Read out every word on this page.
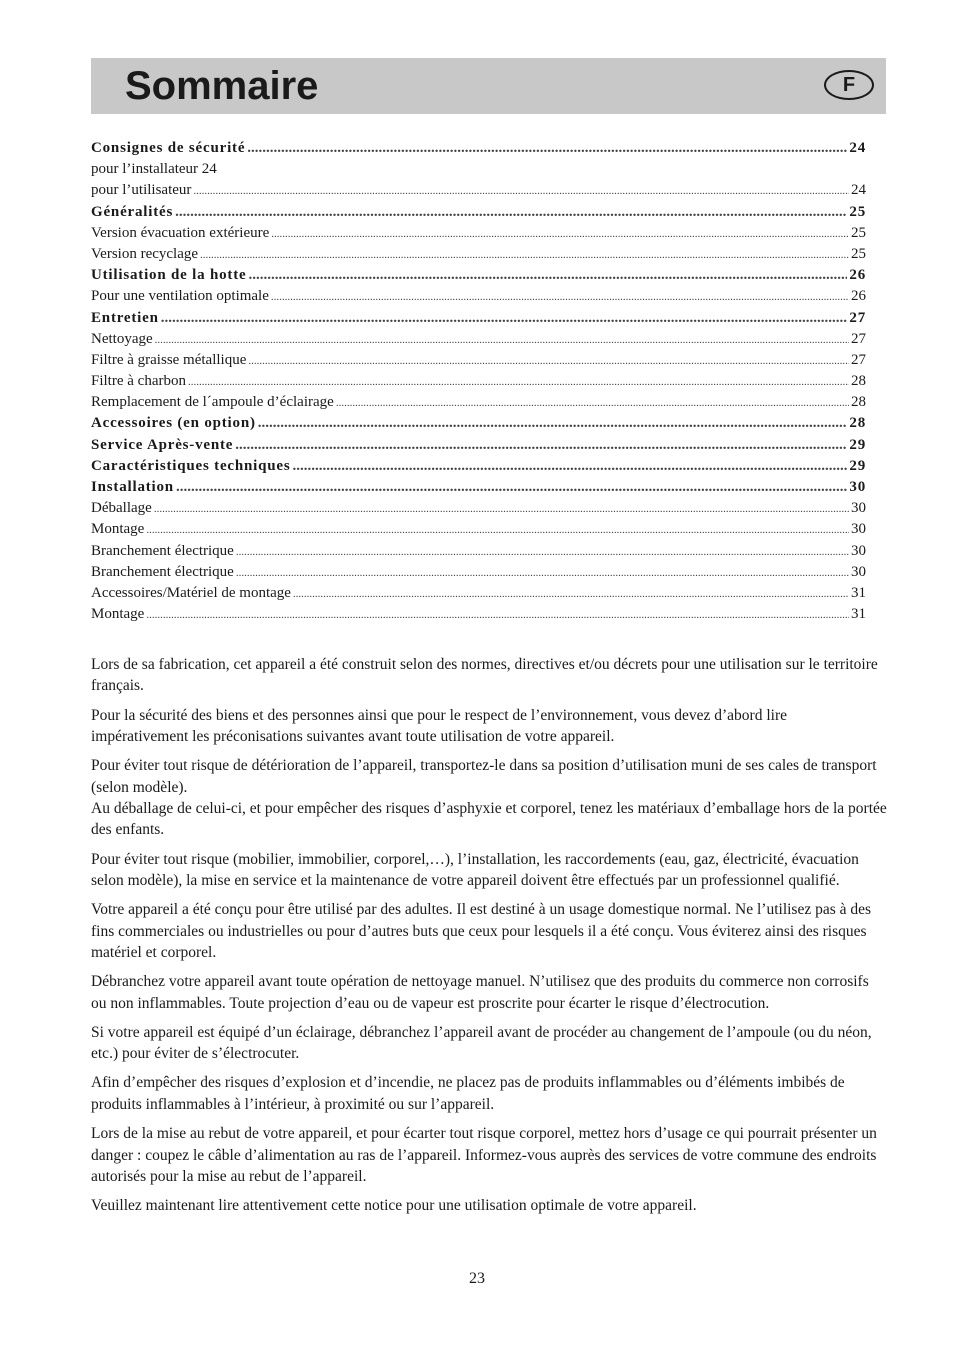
Sommaire	F
Consignes de sécurité .....	24
pour l’installateur 24
pour l’utilisateur .....	24
Généralités .....	25
Version évacuation extérieure .....	25
Version recyclage .....	25
Utilisation de la hotte .....	26
Pour une ventilation optimale .....	26
Entretien .....	27
Nettoyage .....	27
Filtre à graisse métallique .....	27
Filtre à charbon .....	28
Remplacement de l´ampoule d’éclairage .....	28
Accessoires (en option) .....	28
Service Après-vente .....	29
Caractéristiques techniques .....	29
Installation .....	30
Déballage .....	30
Montage .....	30
Branchement électrique .....	30
Branchement électrique .....	30
Accessoires/Matériel de montage .....	31
Montage .....	31

Lors de sa fabrication, cet appareil a été construit selon des normes, directives et/ou décrets pour une utilisation sur le territoire français.

Pour la sécurité des biens et des personnes ainsi que pour le respect de l’environnement, vous devez d’abord lire impérativement les préconisations suivantes avant toute utilisation de votre appareil.

Pour éviter tout risque de détérioration de l’appareil, transportez-le dans sa position d’utilisation muni de ses cales de transport (selon modèle).
Au déballage de celui-ci, et pour empêcher des risques d’asphyxie et corporel, tenez les matériaux d’emballage hors de la portée des enfants.

Pour éviter tout risque (mobilier, immobilier, corporel,…), l’installation, les raccordements (eau, gaz, électricité, évacuation selon modèle), la mise en service et la maintenance de votre appareil doivent être effectués par un professionnel qualifié.

Votre appareil a été conçu pour être utilisé par des adultes. Il est destiné à un usage domestique normal. Ne l’utilisez pas à des fins commerciales ou industrielles ou pour d’autres buts que ceux pour lesquels il a été conçu. Vous éviterez ainsi des risques matériel et corporel.

Débranchez votre appareil avant toute opération de nettoyage manuel. N’utilisez que des produits du commerce non corrosifs ou non inflammables. Toute projection d’eau ou de vapeur est proscrite pour écarter le risque d’électrocution.

Si votre appareil est équipé d’un éclairage, débranchez l’appareil avant de procéder au changement de l’ampoule (ou du néon, etc.) pour éviter de s’électrocuter.

Afin d’empêcher des risques d’explosion et d’incendie, ne placez pas de produits inflammables ou d’éléments imbibés de produits inflammables à l’intérieur, à proximité ou sur l’appareil.

Lors de la mise au rebut de votre appareil, et pour écarter tout risque corporel, mettez hors d’usage ce qui pourrait présenter un danger : coupez le câble d’alimentation au ras de l’appareil. Informez-vous auprès des services de votre commune des endroits autorisés pour la mise au rebut de l’appareil.

Veuillez maintenant lire attentivement cette notice pour une utilisation optimale de votre appareil.

23
